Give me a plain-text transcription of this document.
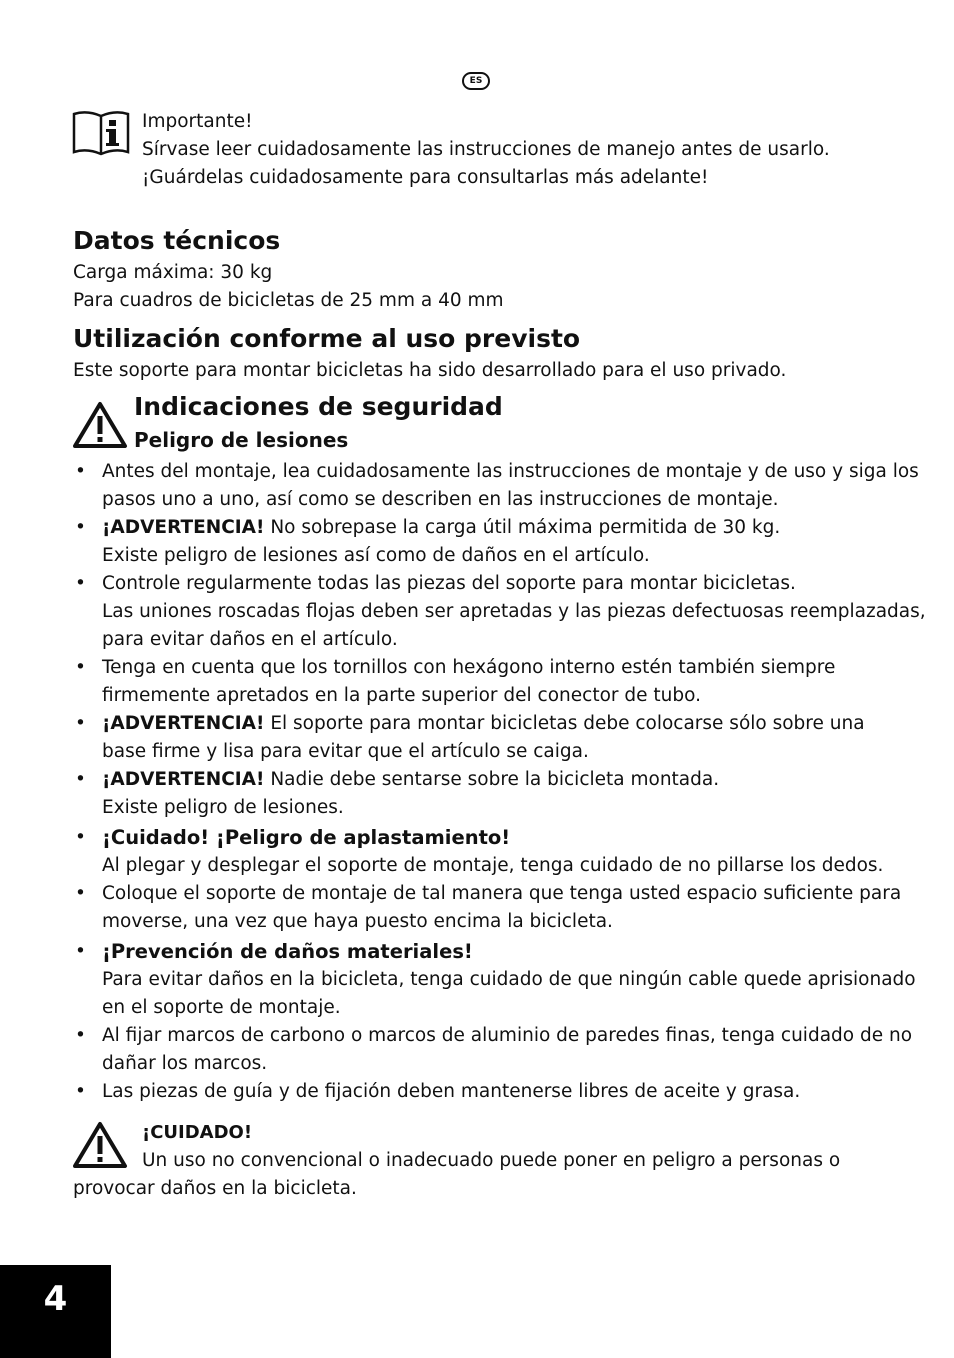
ES
Importante!
Sírvase leer cuidadosamente las instrucciones de manejo antes de usarlo.
¡Guárdelas cuidadosamente para consultarlas más adelante!
Datos técnicos
Carga máxima: 30 kg
Para cuadros de bicicletas de 25 mm a 40 mm
Utilización conforme al uso previsto
Este soporte para montar bicicletas ha sido desarrollado para el uso privado.
Indicaciones de seguridad
Peligro de lesiones
• Antes del montaje, lea cuidadosamente las instrucciones de montaje y de uso y siga los
pasos uno a uno, así como se describen en las instrucciones de montaje.
• ¡ADVERTENCIA! No sobrepase la carga útil máxima permitida de 30 kg.
Existe peligro de lesiones así como de daños en el artículo.
• Controle regularmente todas las piezas del soporte para montar bicicletas.
Las uniones roscadas flojas deben ser apretadas y las piezas defectuosas reemplazadas,
para evitar daños en el artículo.
• Tenga en cuenta que los tornillos con hexágono interno estén también siempre
firmemente apretados en la parte superior del conector de tubo.
• ¡ADVERTENCIA! El soporte para montar bicicletas debe colocarse sólo sobre una
base firme y lisa para evitar que el artículo se caiga.
• ¡ADVERTENCIA! Nadie debe sentarse sobre la bicicleta montada.
Existe peligro de lesiones.
• ¡Cuidado! ¡Peligro de aplastamiento!
Al plegar y desplegar el soporte de montaje, tenga cuidado de no pillarse los dedos.
• Coloque el soporte de montaje de tal manera que tenga usted espacio suficiente para
moverse, una vez que haya puesto encima la bicicleta.
• ¡Prevención de daños materiales!
Para evitar daños en la bicicleta, tenga cuidado de que ningún cable quede aprisionado
en el soporte de montaje.
• Al fijar marcos de carbono o marcos de aluminio de paredes finas, tenga cuidado de no
dañar los marcos.
• Las piezas de guía y de fijación deben mantenerse libres de aceite y grasa.
¡CUIDADO!
Un uso no convencional o inadecuado puede poner en peligro a personas o
provocar daños en la bicicleta.
4
